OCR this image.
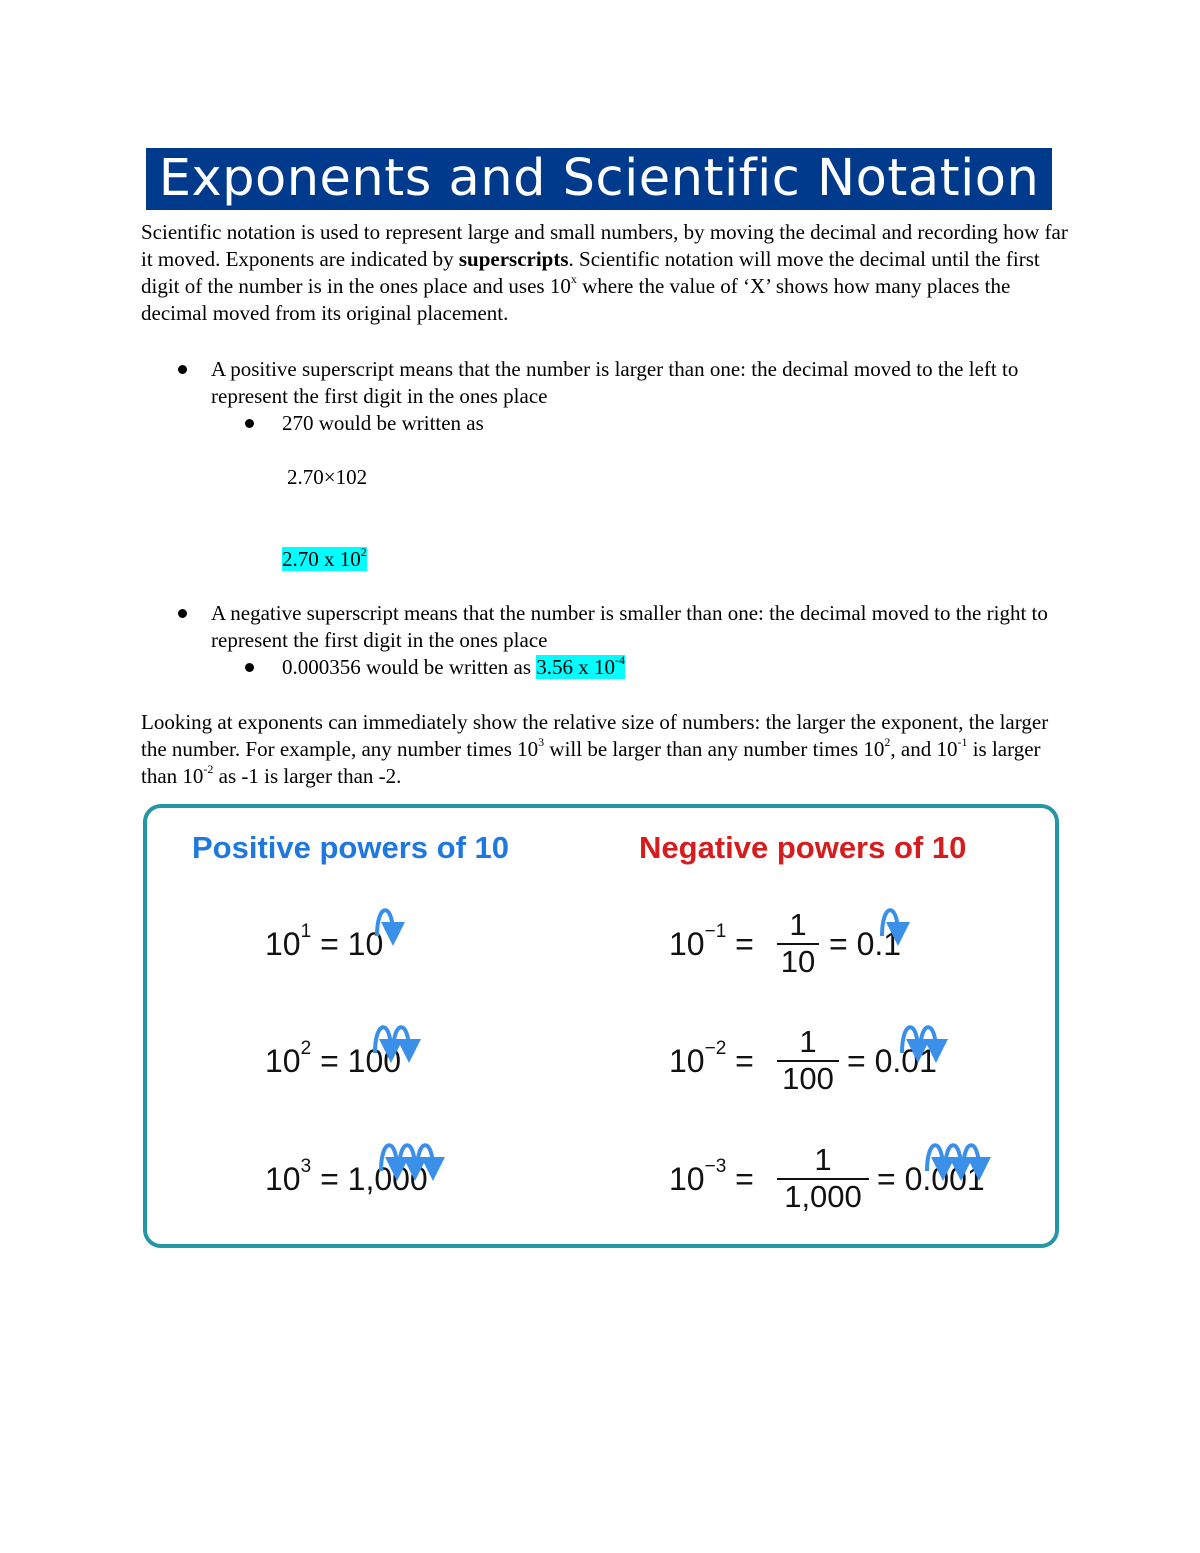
Exponents and Scientific Notation
Scientific notation is used to represent large and small numbers, by moving the decimal and recording how far it moved. Exponents are indicated by superscripts. Scientific notation will move the decimal until the first digit of the number is in the ones place and uses 10$^x$ where the value of ‘X’ shows how many places the decimal moved from its original placement.
A positive superscript means that the number is larger than one: the decimal moved to the left to represent the first digit in the ones place
270 would be written as
2.70×102
2.70 x $10^2$
A negative superscript means that the number is smaller than one: the decimal moved to the right to represent the first digit in the ones place
0.000356 would be written as 3.56 x $10^{-4}$
Looking at exponents can immediately show the relative size of numbers: the larger the exponent, the larger the number. For example, any number times $10^3$ will be larger than any number times $10^2$, and $10^{-1}$ is larger than $10^{-2}$ as -1 is larger than -2.
Positive powers of 10	Negative powers of 10
$10^1 = 10$
$10^2 = 100$
$10^3 = 1,000$
$10^{-1}$ =
1
10 = 0.1
$10^{-2}$ =
1
100 = 0.01
$10^{-3}$ =
1
1,000 = 0.001
